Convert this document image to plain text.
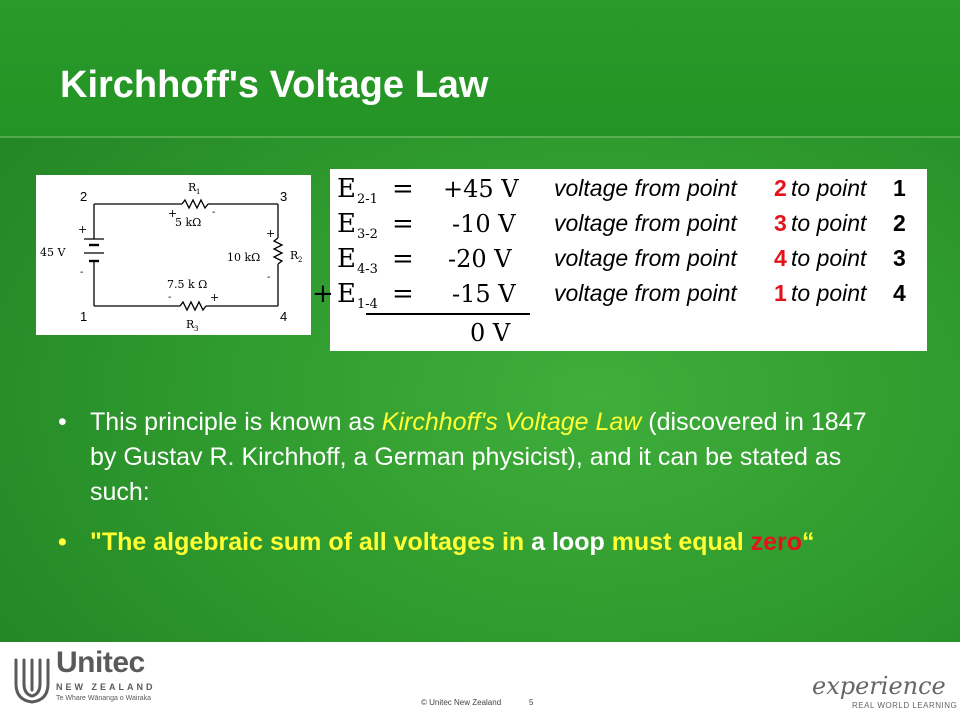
Kirchhoff's Voltage Law
2	3
1	4
R 1
5 kΩ
+	-
R 2
10 kΩ
+
-
7.5 k Ω
-	+
R 3
45 V
+
-
E 2-1 = +45 V voltage from point 2 to point 1
E 3-2 = -10 V voltage from point 3 to point 2
E 4-3 = -20 V voltage from point 4 to point 3
+ E 1-4 = -15 V voltage from point 1 to point 4
0 V
• This principle is known as Kirchhoff's Voltage Law (discovered in 1847 by Gustav R. Kirchhoff, a German physicist), and it can be stated as such:
• "The algebraic sum of all voltages in a loop must equal zero“
Unitec
NEW ZEALAND
Te Whare Wānanga o Wairaka	© Unitec New Zealand	5
experience
REAL WORLD LEARNING
